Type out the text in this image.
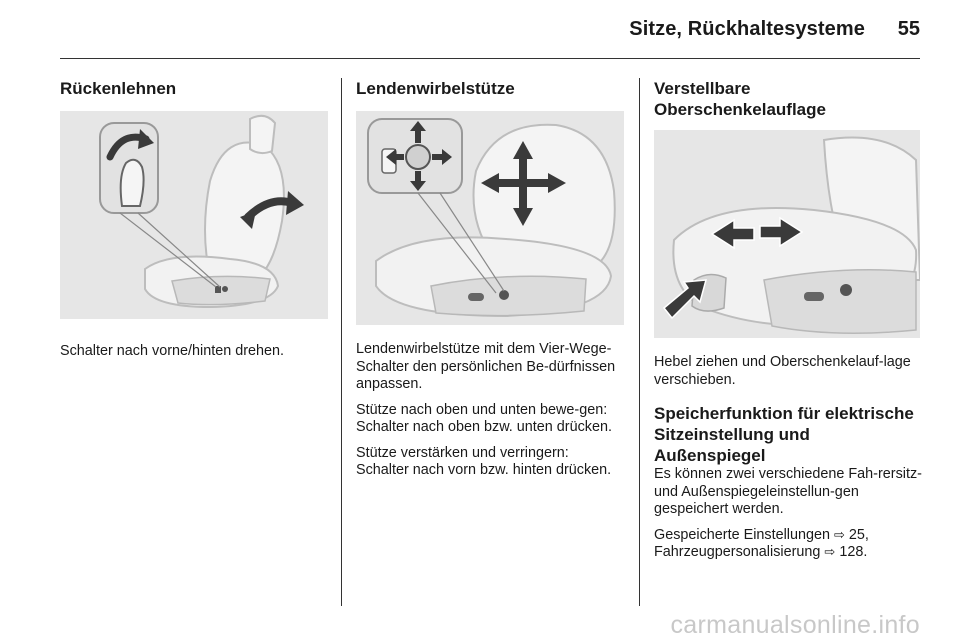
Sitze, Rückhaltesysteme 55
Rückenlehnen

Schalter nach vorne/hinten drehen.

Lendenwirbelstütze

Lendenwirbelstütze mit dem Vier-Wege-Schalter den persönlichen Be-dürfnissen anpassen.

Stütze nach oben und unten bewe-gen: Schalter nach oben bzw. unten drücken.

Stütze verstärken und verringern: Schalter nach vorn bzw. hinten drücken.

Verstellbare
Oberschenkelauflage

Hebel ziehen und Oberschenkelauf-lage verschieben.

Speicherfunktion für elektrische Sitzeinstellung und Außenspiegel

Es können zwei verschiedene Fah-rersitz- und Außenspiegeleinstellun-gen gespeichert werden.

Gespeicherte Einstellungen ⇨ 25,
Fahrzeugpersonalisierung ⇨ 128.

carmanualsonline.info
